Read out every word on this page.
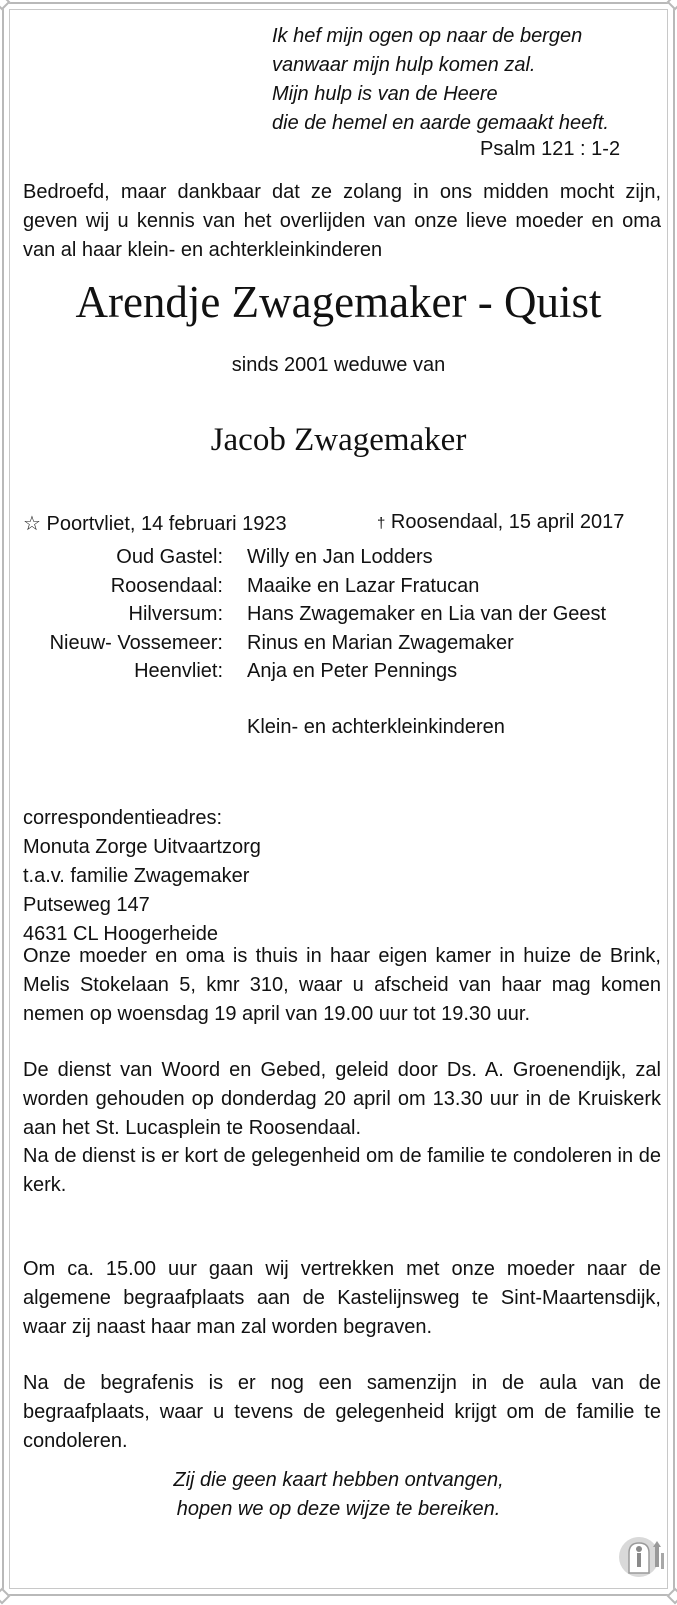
Ik hef mijn ogen op naar de bergen
vanwaar mijn hulp komen zal.
Mijn hulp is van de Heere
die de hemel en aarde gemaakt heeft.
Psalm 121 : 1-2

Bedroefd, maar dankbaar dat ze zolang in ons midden mocht zijn, geven wij u kennis van het overlijden van onze lieve moeder en oma van al haar klein- en achterkleinkinderen

Arendje Zwagemaker - Quist
sinds 2001 weduwe van
Jacob Zwagemaker
☆ Poortvliet, 14 februari 1923	† Roosendaal, 15 april 2017
Oud Gastel: Willy en Jan Lodders
Roosendaal: Maaike en Lazar Fratucan
Hilversum: Hans Zwagemaker en Lia van der Geest
Nieuw- Vossemeer: Rinus en Marian Zwagemaker
Heenvliet: Anja en Peter Pennings
Klein- en achterkleinkinderen
correspondentieadres:
Monuta Zorge Uitvaartzorg
t.a.v. familie Zwagemaker
Putseweg 147
4631 CL Hoogerheide

Onze moeder en oma is thuis in haar eigen kamer in huize de Brink, Melis Stokelaan 5, kmr 310, waar u afscheid van haar mag komen nemen op woensdag 19 april van 19.00 uur tot 19.30 uur.

De dienst van Woord en Gebed, geleid door Ds. A. Groenendijk, zal worden gehouden op donderdag 20 april om 13.30 uur in de Kruiskerk aan het St. Lucasplein te Roosendaal.

Na de dienst is er kort de gelegenheid om de familie te condoleren in de kerk.

Om ca. 15.00 uur gaan wij vertrekken met onze moeder naar de algemene begraafplaats aan de Kastelijnsweg te Sint-Maartensdijk, waar zij naast haar man zal worden begraven.

Na de begrafenis is er nog een samenzijn in de aula van de begraafplaats, waar u tevens de gelegenheid krijgt om de familie te condoleren.

Zij die geen kaart hebben ontvangen,
hopen we op deze wijze te bereiken.
